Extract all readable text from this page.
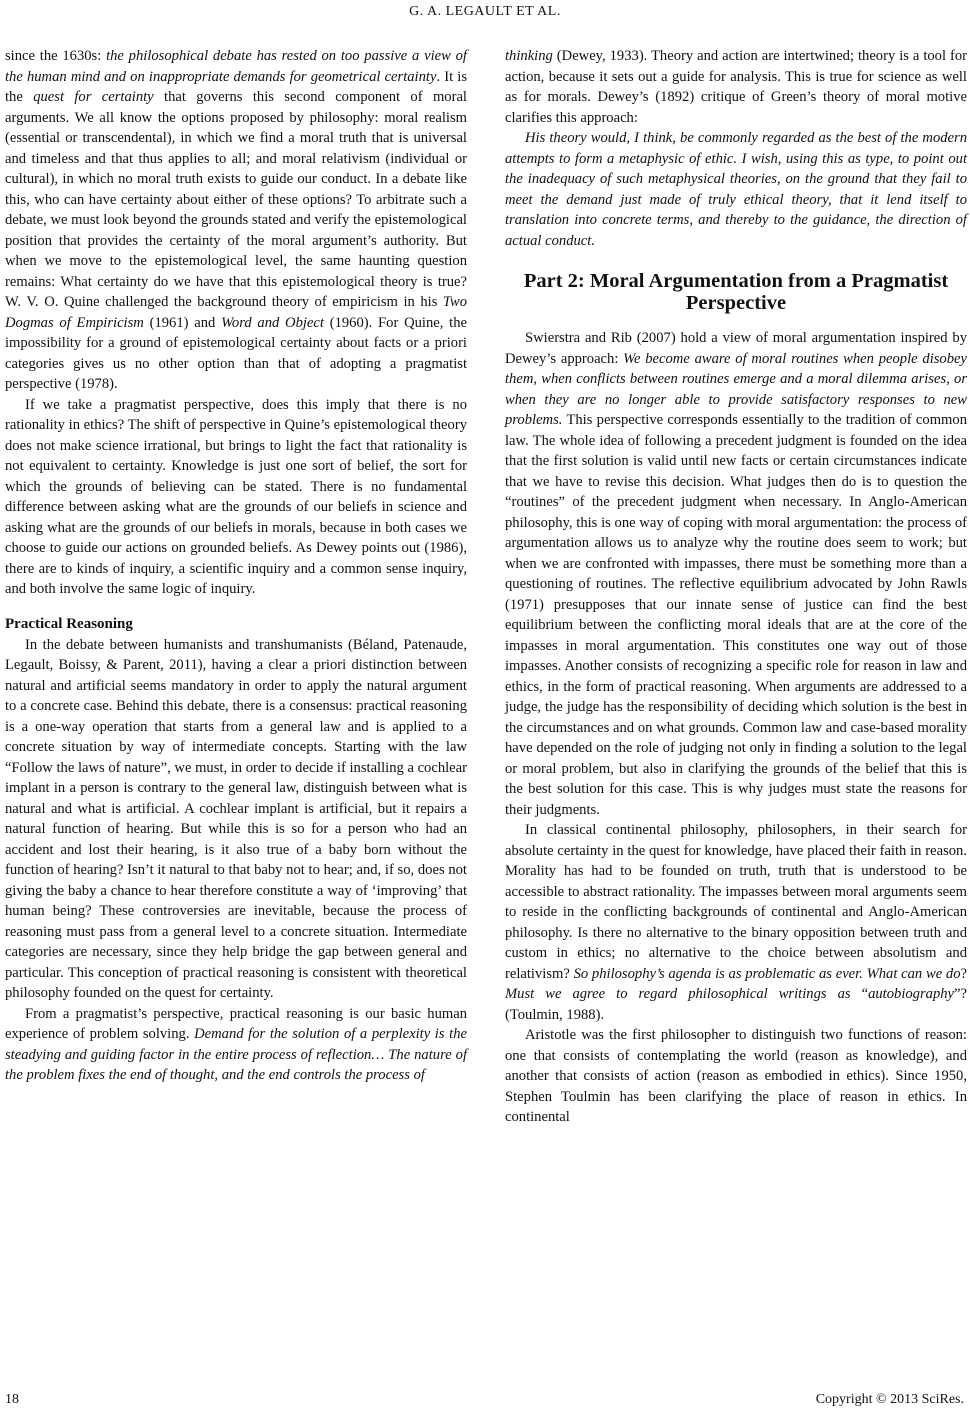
G. A. LEGAULT ET AL.

since the 1630s: the philosophical debate has rested on too passive a view of the human mind and on inappropriate demands for geometrical certainty. It is the quest for certainty that governs this second component of moral arguments. We all know the options proposed by philosophy: moral realism (essential or transcendental), in which we find a moral truth that is universal and timeless and that thus applies to all; and moral relativism (individual or cultural), in which no moral truth exists to guide our conduct. In a debate like this, who can have certainty about either of these options? To arbitrate such a debate, we must look beyond the grounds stated and verify the epistemological position that provides the certainty of the moral argument’s authority. But when we move to the epistemological level, the same haunting question remains: What certainty do we have that this epistemological theory is true? W. V. O. Quine challenged the background theory of empiricism in his Two Dogmas of Empiricism (1961) and Word and Object (1960). For Quine, the impossibility for a ground of epistemological certainty about facts or a priori categories gives us no other option than that of adopting a pragmatist perspective (1978).

If we take a pragmatist perspective, does this imply that there is no rationality in ethics? The shift of perspective in Quine’s epistemological theory does not make science irrational, but brings to light the fact that rationality is not equivalent to certainty. Knowledge is just one sort of belief, the sort for which the grounds of believing can be stated. There is no fundamental difference between asking what are the grounds of our beliefs in science and asking what are the grounds of our beliefs in morals, because in both cases we choose to guide our actions on grounded beliefs. As Dewey points out (1986), there are to kinds of inquiry, a scientific inquiry and a common sense inquiry, and both involve the same logic of inquiry.

Practical Reasoning

In the debate between humanists and transhumanists (Béland, Patenaude, Legault, Boissy, & Parent, 2011), having a clear a priori distinction between natural and artificial seems mandatory in order to apply the natural argument to a concrete case. Behind this debate, there is a consensus: practical reasoning is a one-way operation that starts from a general law and is applied to a concrete situation by way of intermediate concepts. Starting with the law “Follow the laws of nature”, we must, in order to decide if installing a cochlear implant in a person is contrary to the general law, distinguish between what is natural and what is artificial. A cochlear implant is artificial, but it repairs a natural function of hearing. But while this is so for a person who had an accident and lost their hearing, is it also true of a baby born without the function of hearing? Isn’t it natural to that baby not to hear; and, if so, does not giving the baby a chance to hear therefore constitute a way of ‘improving’ that human being? These controversies are inevitable, because the process of reasoning must pass from a general level to a concrete situation. Intermediate categories are necessary, since they help bridge the gap between general and particular. This conception of practical reasoning is consistent with theoretical philosophy founded on the quest for certainty.

From a pragmatist’s perspective, practical reasoning is our basic human experience of problem solving. Demand for the solution of a perplexity is the steadying and guiding factor in the entire process of reflection… The nature of the problem fixes the end of thought, and the end controls the process of

thinking (Dewey, 1933). Theory and action are intertwined; theory is a tool for action, because it sets out a guide for analysis. This is true for science as well as for morals. Dewey’s (1892) critique of Green’s theory of moral motive clarifies this approach:

His theory would, I think, be commonly regarded as the best of the modern attempts to form a metaphysic of ethic. I wish, using this as type, to point out the inadequacy of such metaphysical theories, on the ground that they fail to meet the demand just made of truly ethical theory, that it lend itself to translation into concrete terms, and thereby to the guidance, the direction of actual conduct.

Part 2: Moral Argumentation from a Pragmatist Perspective

Swierstra and Rib (2007) hold a view of moral argumentation inspired by Dewey’s approach: We become aware of moral routines when people disobey them, when conflicts between routines emerge and a moral dilemma arises, or when they are no longer able to provide satisfactory responses to new problems. This perspective corresponds essentially to the tradition of common law. The whole idea of following a precedent judgment is founded on the idea that the first solution is valid until new facts or certain circumstances indicate that we have to revise this decision. What judges then do is to question the “routines” of the precedent judgment when necessary. In Anglo-American philosophy, this is one way of coping with moral argumentation: the process of argumentation allows us to analyze why the routine does seem to work; but when we are confronted with impasses, there must be something more than a questioning of routines. The reflective equilibrium advocated by John Rawls (1971) presupposes that our innate sense of justice can find the best equilibrium between the conflicting moral ideals that are at the core of the impasses in moral argumentation. This constitutes one way out of those impasses. Another consists of recognizing a specific role for reason in law and ethics, in the form of practical reasoning. When arguments are addressed to a judge, the judge has the responsibility of deciding which solution is the best in the circumstances and on what grounds. Common law and case-based morality have depended on the role of judging not only in finding a solution to the legal or moral problem, but also in clarifying the grounds of the belief that this is the best solution for this case. This is why judges must state the reasons for their judgments.

In classical continental philosophy, philosophers, in their search for absolute certainty in the quest for knowledge, have placed their faith in reason. Morality has had to be founded on truth, truth that is understood to be accessible to abstract rationality. The impasses between moral arguments seem to reside in the conflicting backgrounds of continental and Anglo-American philosophy. Is there no alternative to the binary opposition between truth and custom in ethics; no alternative to the choice between absolutism and relativism? So philosophy’s agenda is as problematic as ever. What can we do? Must we agree to regard philosophical writings as “autobiography”? (Toulmin, 1988).

Aristotle was the first philosopher to distinguish two functions of reason: one that consists of contemplating the world (reason as knowledge), and another that consists of action (reason as embodied in ethics). Since 1950, Stephen Toulmin has been clarifying the place of reason in ethics. In continental

18	Copyright © 2013 SciRes.
